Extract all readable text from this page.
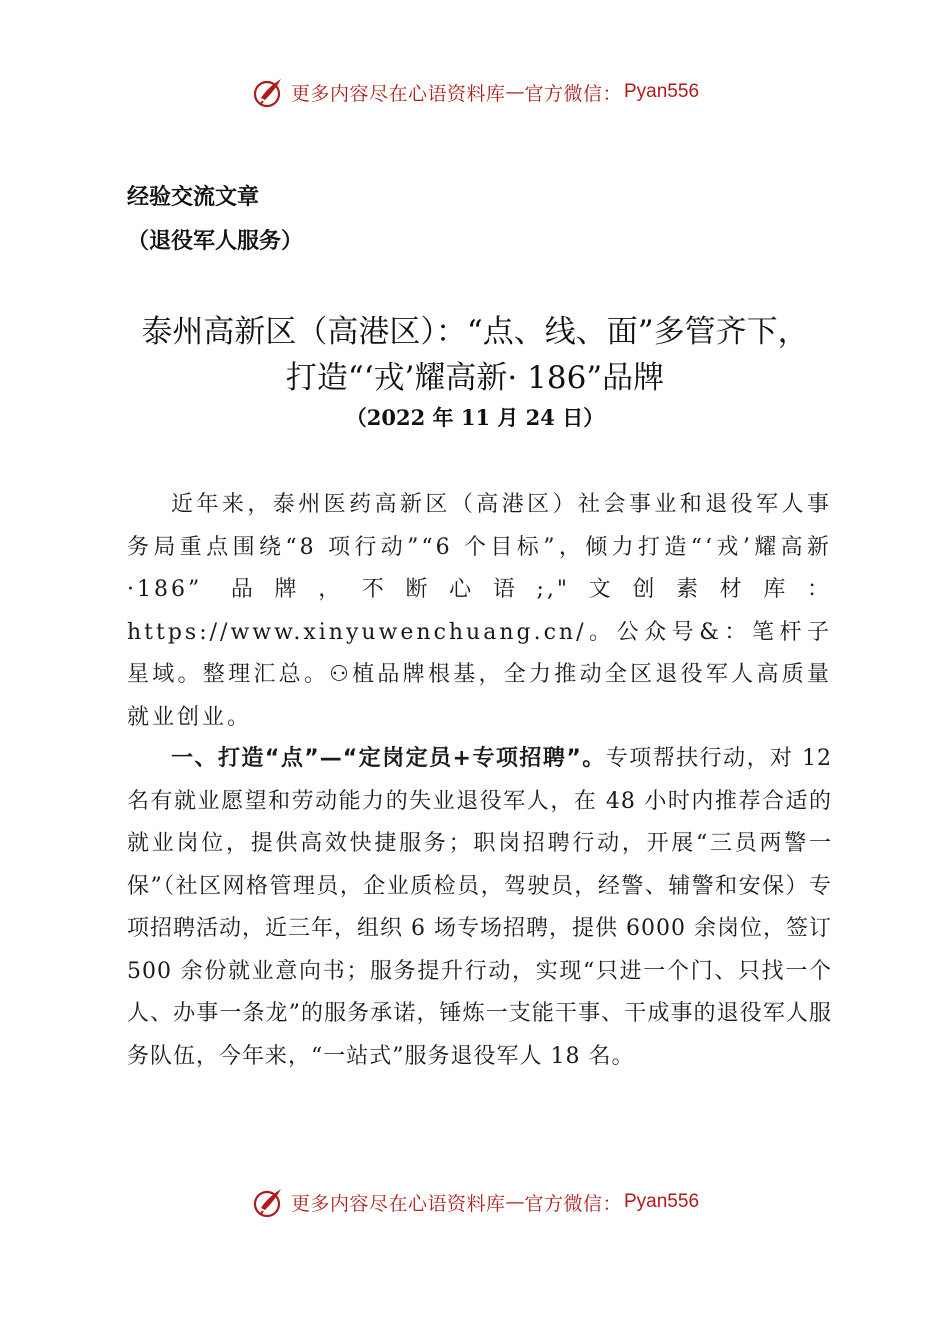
更多内容尽在心语资料库 — 官方微信： Pyan556
经验交流文章
（退役军人服务）
泰州高新区（高港区）：“点、线、面”多管齐下，
打造“‘戎’耀高新· 186”品牌
（2022 年 11 月 24 日）

近年来，泰州医药高新区（高港区）社会事业和退役军人事务局重点围绕“8 项行动”“6 个目标”，倾力打造“‘戎’耀高新·186” 品牌，不断心语;,"文创素材库：https://www.xinyuwenchuang.cn/。公众号&：笔杆子星域。整理汇总。⚇植品牌根基，全力推动全区退役军人高质量就业创业。

一、打造“点”—“定岗定员+专项招聘”。专项帮扶行动，对 12 名有就业愿望和劳动能力的失业退役军人，在 48 小时内推荐合适的就业岗位，提供高效快捷服务；职岗招聘行动，开展“三员两警一保”（社区网格管理员，企业质检员，驾驶员，经警、辅警和安保）专项招聘活动，近三年，组织 6 场专场招聘，提供 6000 余岗位，签订 500 余份就业意向书；服务提升行动，实现“只进一个门、只找一个人、办事一条龙”的服务承诺，锤炼一支能干事、干成事的退役军人服务队伍，今年来，“一站式”服务退役军人 18 名。

更多内容尽在心语资料库 — 官方微信： Pyan556
